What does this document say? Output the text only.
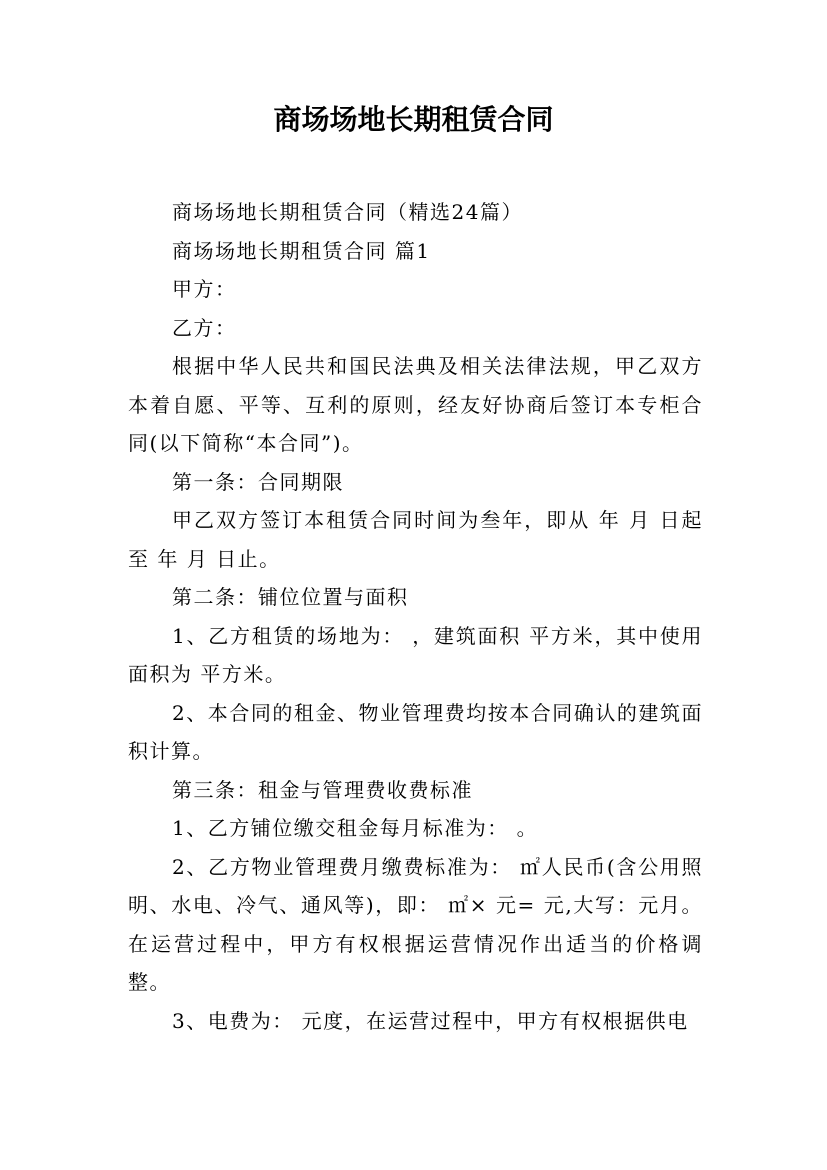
商场场地长期租赁合同

商场场地长期租赁合同（精选24篇）

商场场地长期租赁合同 篇1

甲方：

乙方：

根据中华人民共和国民法典及相关法律法规，甲乙双方本着自愿、平等、互利的原则，经友好协商后签订本专柜合同(以下简称“本合同”)。

第一条：合同期限

甲乙双方签订本租赁合同时间为叁年，即从 年 月 日起至 年 月 日止。

第二条：铺位位置与面积

1、乙方租赁的场地为： ，建筑面积 平方米，其中使用面积为 平方米。

2、本合同的租金、物业管理费均按本合同确认的建筑面积计算。

第三条：租金与管理费收费标准

1、乙方铺位缴交租金每月标准为： 。

2、乙方物业管理费月缴费标准为： ㎡人民币(含公用照明、水电、冷气、通风等)，即： ㎡× 元= 元,大写：元月。在运营过程中，甲方有权根据运营情况作出适当的价格调整。

3、电费为： 元度，在运营过程中，甲方有权根据供电
